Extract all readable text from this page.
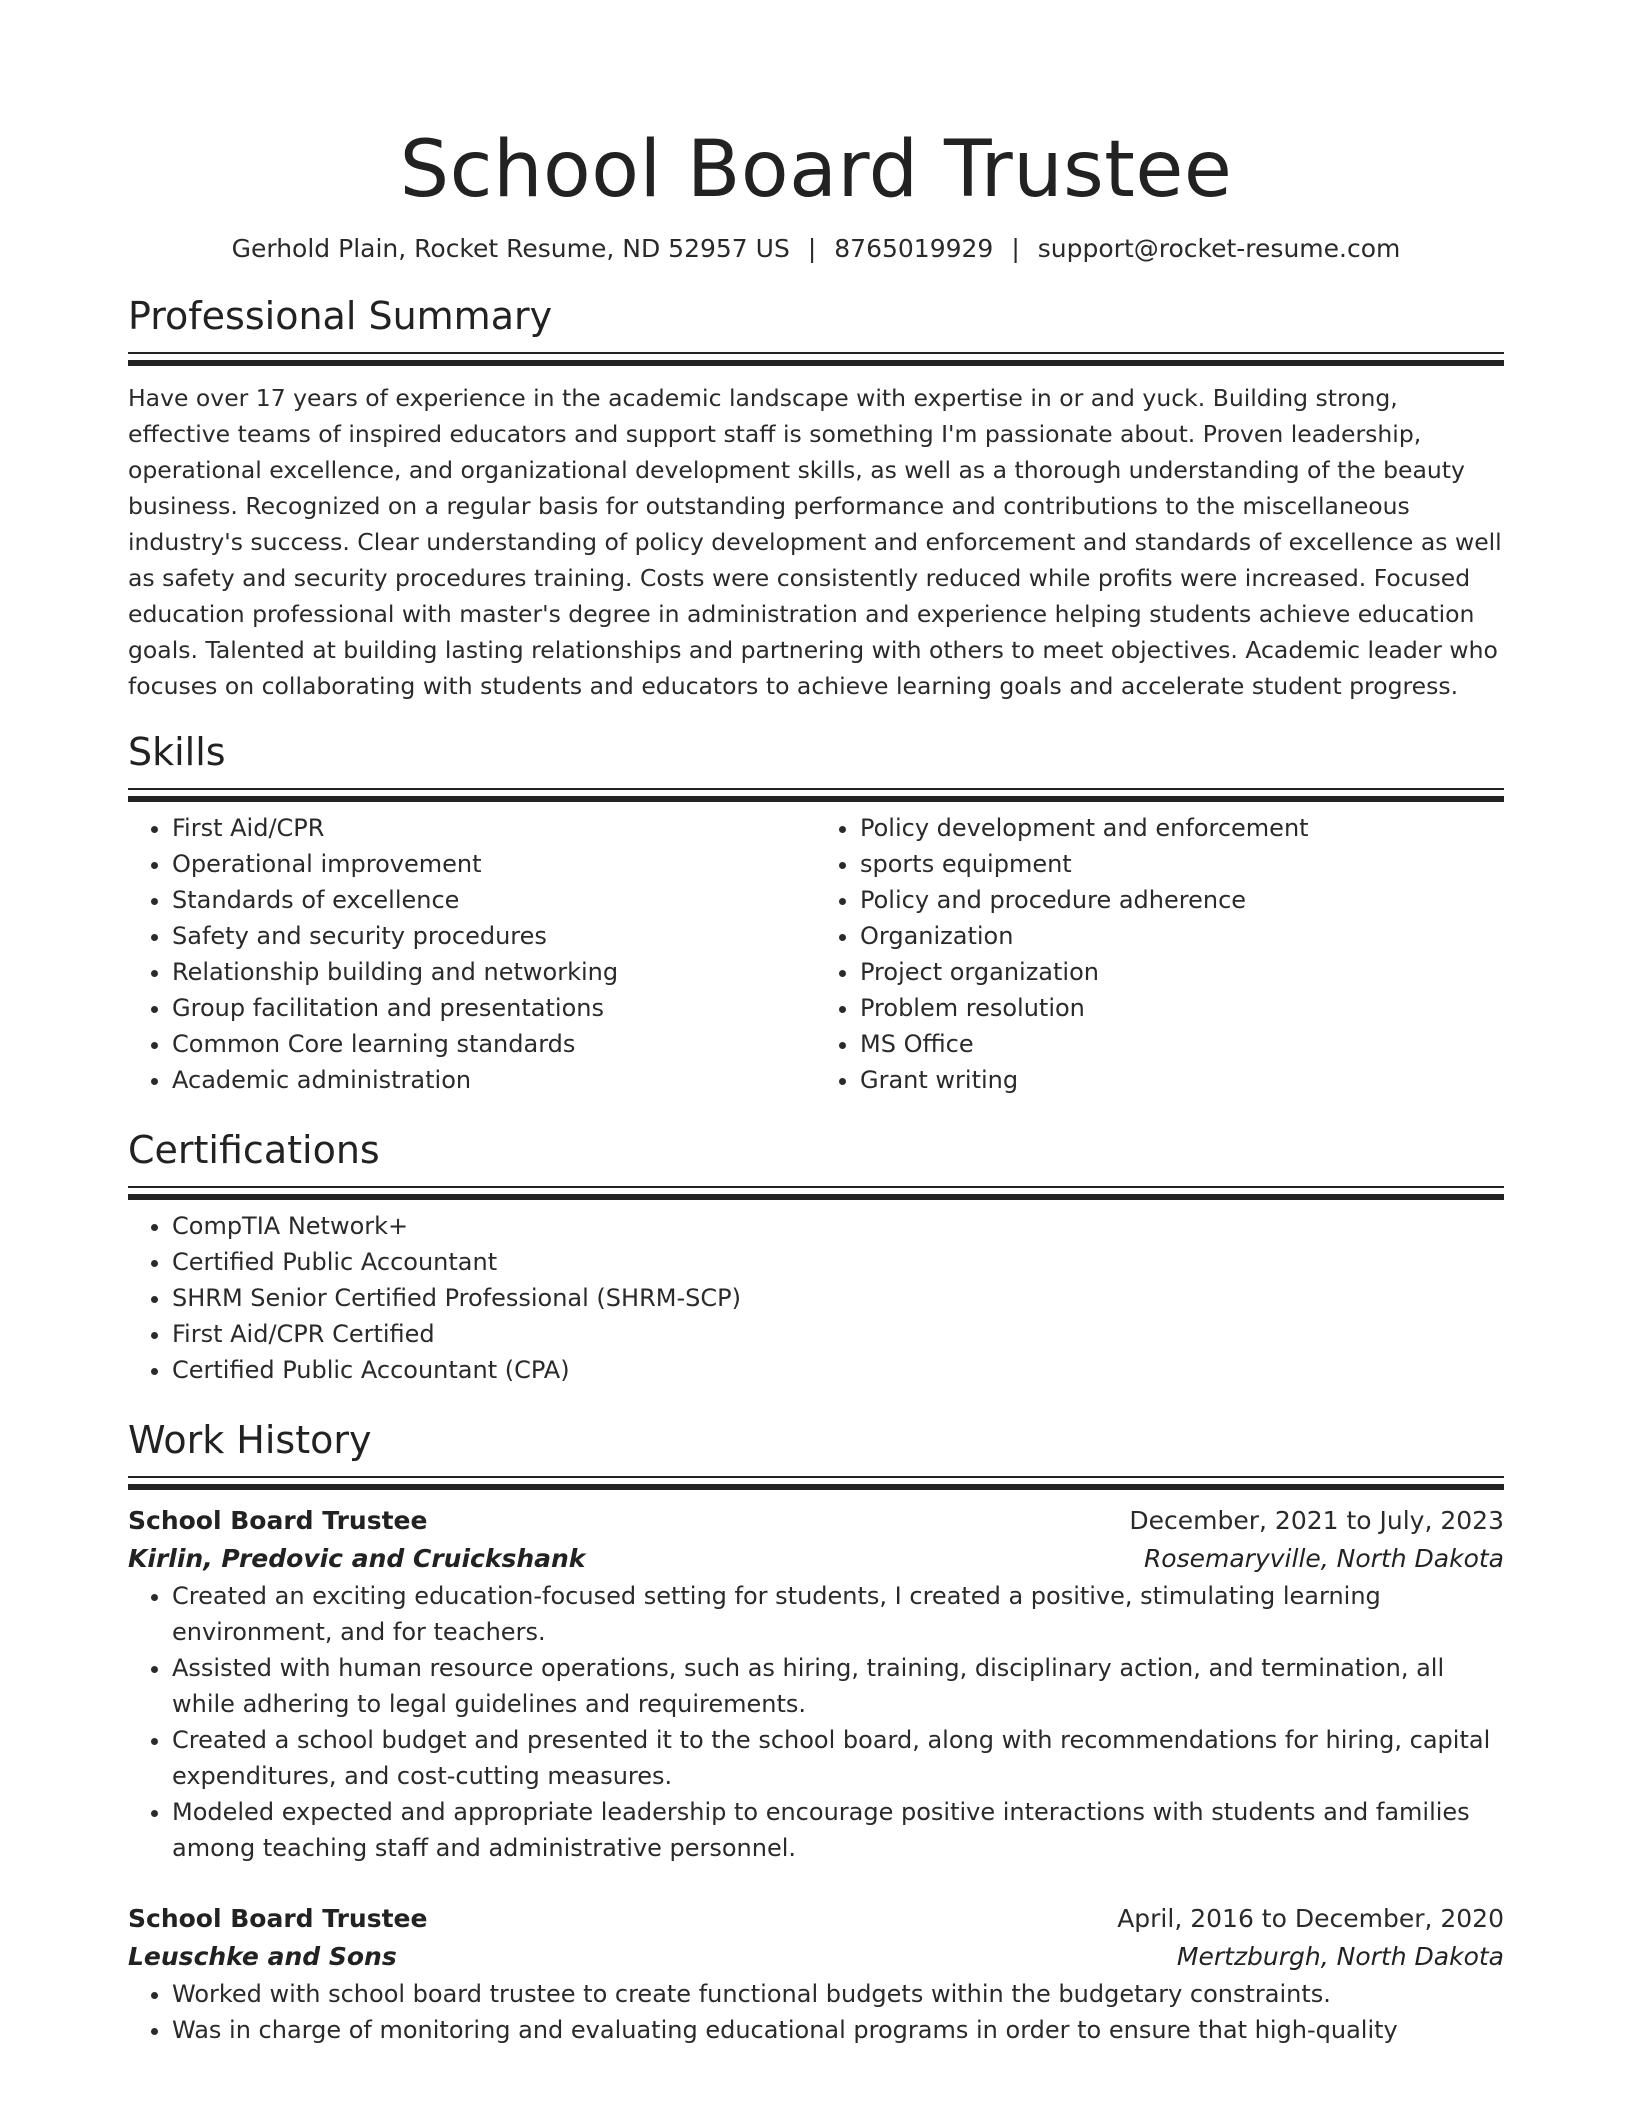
School Board Trustee
Gerhold Plain, Rocket Resume, ND 52957 US | 8765019929 | support@rocket-resume.com
Professional Summary

Have over 17 years of experience in the academic landscape with expertise in or and yuck. Building strong, effective teams of inspired educators and support staff is something I'm passionate about. Proven leadership, operational excellence, and organizational development skills, as well as a thorough understanding of the beauty business. Recognized on a regular basis for outstanding performance and contributions to the miscellaneous industry's success. Clear understanding of policy development and enforcement and standards of excellence as well as safety and security procedures training. Costs were consistently reduced while profits were increased. Focused education professional with master's degree in administration and experience helping students achieve education goals. Talented at building lasting relationships and partnering with others to meet objectives. Academic leader who focuses on collaborating with students and educators to achieve learning goals and accelerate student progress.

Skills
• First Aid/CPR
• Operational improvement
• Standards of excellence
• Safety and security procedures
• Relationship building and networking
• Group facilitation and presentations
• Common Core learning standards
• Academic administration
• Policy development and enforcement
• sports equipment
• Policy and procedure adherence
• Organization
• Project organization
• Problem resolution
• MS Office
• Grant writing
Certifications
• CompTIA Network+
• Certified Public Accountant
• SHRM Senior Certified Professional (SHRM-SCP)
• First Aid/CPR Certified
• Certified Public Accountant (CPA)
Work History
School Board Trustee	December, 2021 to July, 2023
Kirlin, Predovic and Cruickshank	Rosemaryville, North Dakota
• Created an exciting education-focused setting for students, I created a positive, stimulating learning environment, and for teachers.
• Assisted with human resource operations, such as hiring, training, disciplinary action, and termination, all while adhering to legal guidelines and requirements.
• Created a school budget and presented it to the school board, along with recommendations for hiring, capital expenditures, and cost-cutting measures.
• Modeled expected and appropriate leadership to encourage positive interactions with students and families among teaching staff and administrative personnel.
School Board Trustee	April, 2016 to December, 2020
Leuschke and Sons	Mertzburgh, North Dakota
• Worked with school board trustee to create functional budgets within the budgetary constraints.
• Was in charge of monitoring and evaluating educational programs in order to ensure that high-quality
